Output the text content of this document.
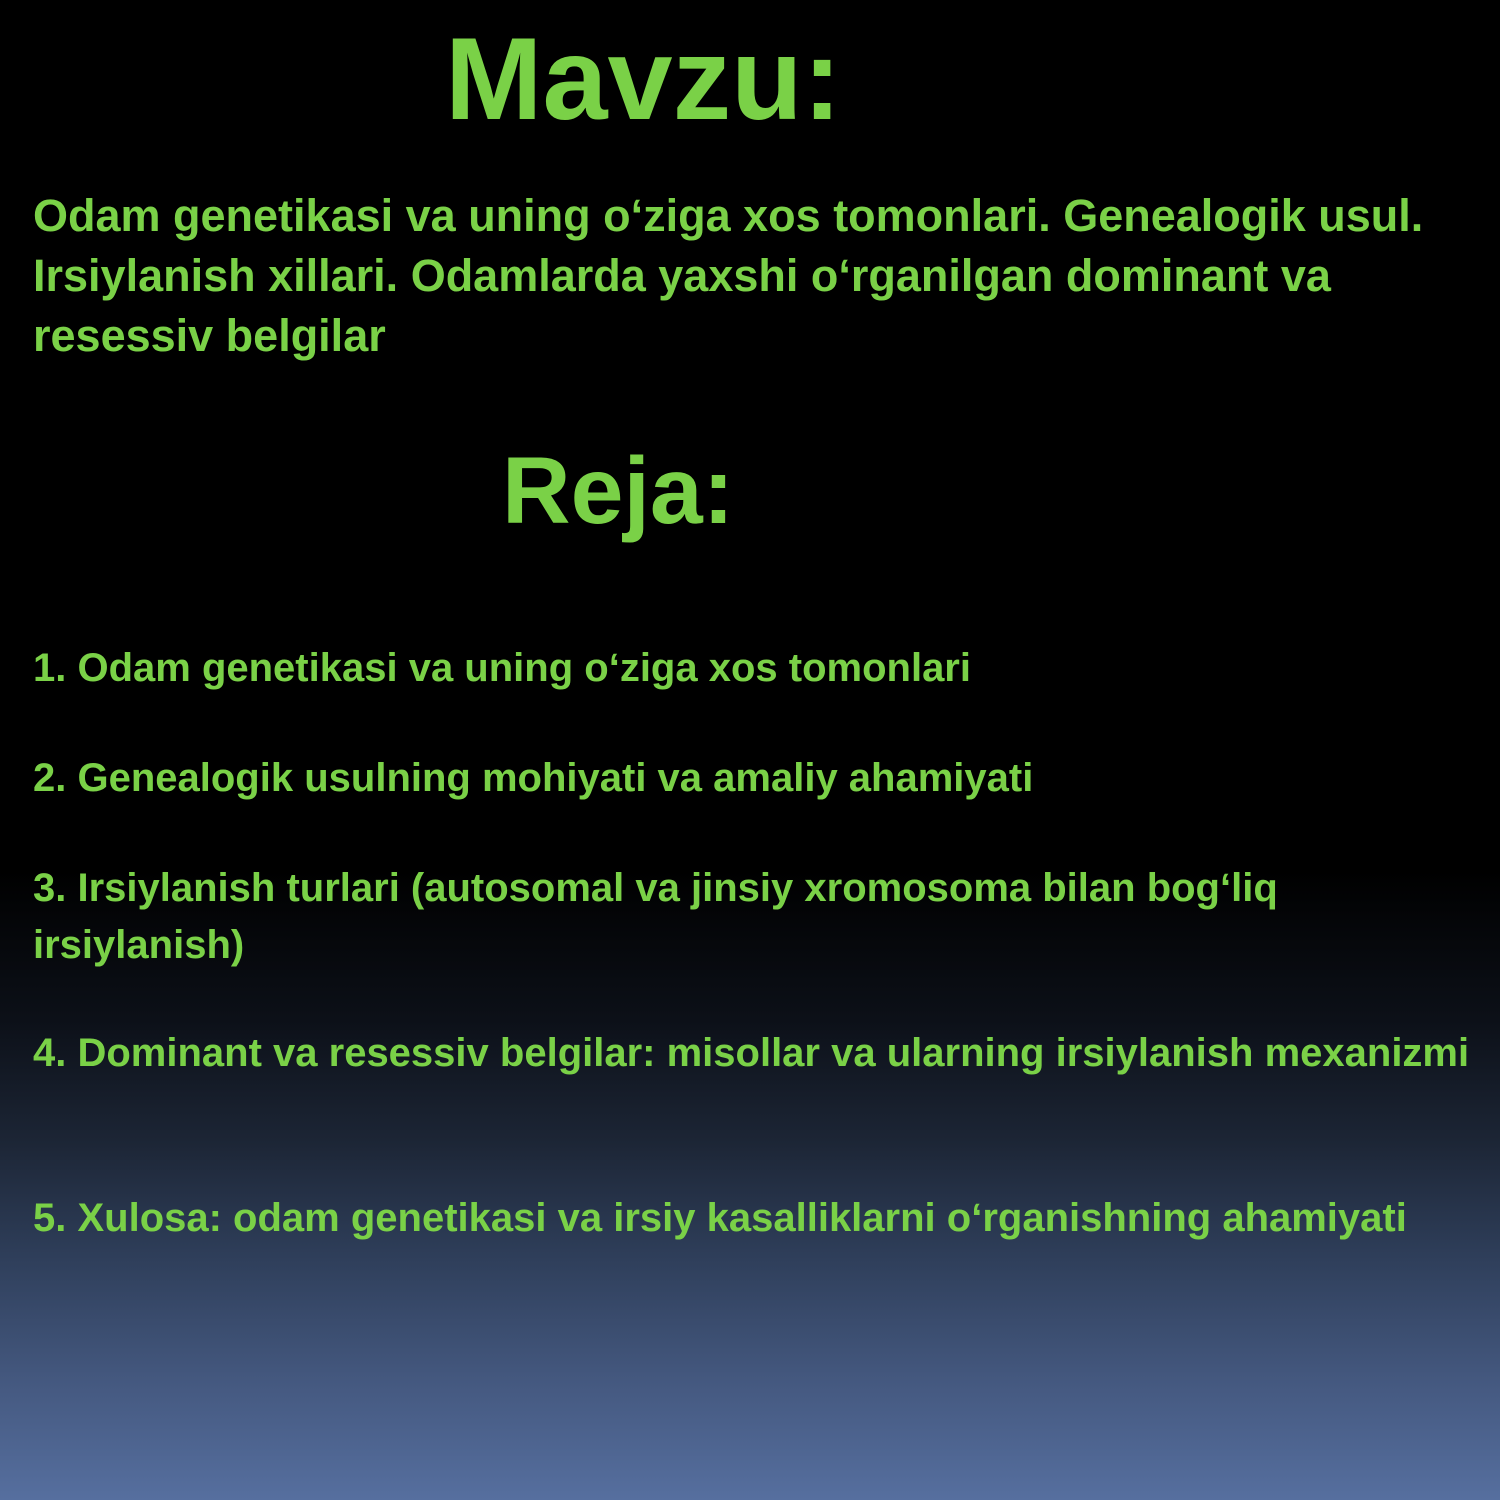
Mavzu:

Odam genetikasi va uning o‘ziga xos tomonlari. Genealogik usul. Irsiylanish xillari. Odamlarda yaxshi o‘rganilgan dominant va resessiv belgilar

Reja:
1. Odam genetikasi va uning o‘ziga xos tomonlari
2. Genealogik usulning mohiyati va amaliy ahamiyati
3. Irsiylanish turlari (autosomal va jinsiy xromosoma bilan bog‘liq irsiylanish)
4. Dominant va resessiv belgilar: misollar va ularning irsiylanish mexanizmi
5. Xulosa: odam genetikasi va irsiy kasalliklarni o‘rganishning ahamiyati
